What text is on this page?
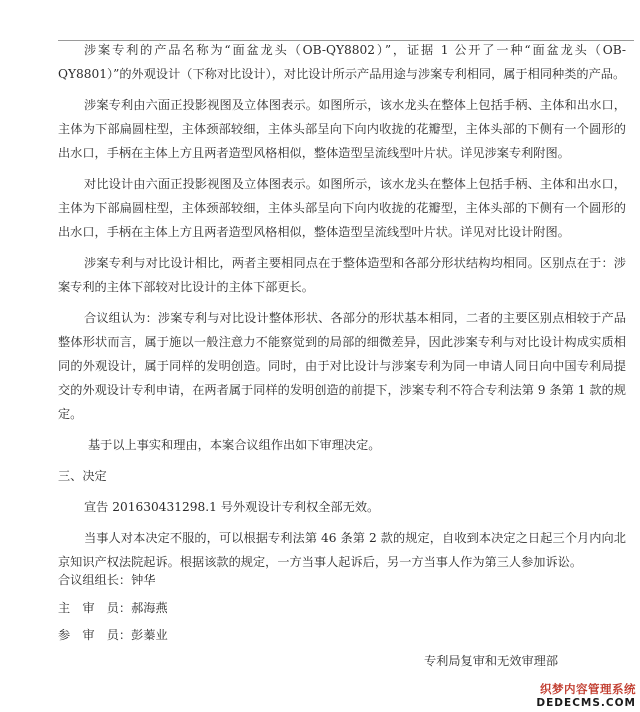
涉案专利的产品名称为“面盆龙头（OB-QY8802）”，证据 1 公开了一种“面盆龙头（OB-QY8801）”的外观设计（下称对比设计），对比设计所示产品用途与涉案专利相同，属于相同种类的产品。

涉案专利由六面正投影视图及立体图表示。如图所示，该水龙头在整体上包括手柄、主体和出水口，主体为下部扁圆柱型，主体颈部较细，主体头部呈向下向内收拢的花瓣型，主体头部的下侧有一个圆形的出水口，手柄在主体上方且两者造型风格相似，整体造型呈流线型叶片状。详见涉案专利附图。

对比设计由六面正投影视图及立体图表示。如图所示，该水龙头在整体上包括手柄、主体和出水口，主体为下部扁圆柱型，主体颈部较细，主体头部呈向下向内收拢的花瓣型，主体头部的下侧有一个圆形的出水口，手柄在主体上方且两者造型风格相似，整体造型呈流线型叶片状。详见对比设计附图。

涉案专利与对比设计相比，两者主要相同点在于整体造型和各部分形状结构均相同。区别点在于：涉案专利的主体下部较对比设计的主体下部更长。

合议组认为：涉案专利与对比设计整体形状、各部分的形状基本相同，二者的主要区别点相较于产品整体形状而言，属于施以一般注意力不能察觉到的局部的细微差异，因此涉案专利与对比设计构成实质相同的外观设计，属于同样的发明创造。同时，由于对比设计与涉案专利为同一申请人同日向中国专利局提交的外观设计专利申请，在两者属于同样的发明创造的前提下，涉案专利不符合专利法第 9 条第 1 款的规定。

基于以上事实和理由，本案合议组作出如下审理决定。

三、决定

宣告 201630431298.1 号外观设计专利权全部无效。

当事人对本决定不服的，可以根据专利法第 46 条第 2 款的规定，自收到本决定之日起三个月内向北京知识产权法院起诉。根据该款的规定，一方当事人起诉后，另一方当事人作为第三人参加诉讼。

合议组组长：钟华
主　审　员：郝海燕
参　审　员：彭蓁业
专利局复审和无效审理部
织梦内容管理系统
DEDECMS.COM
